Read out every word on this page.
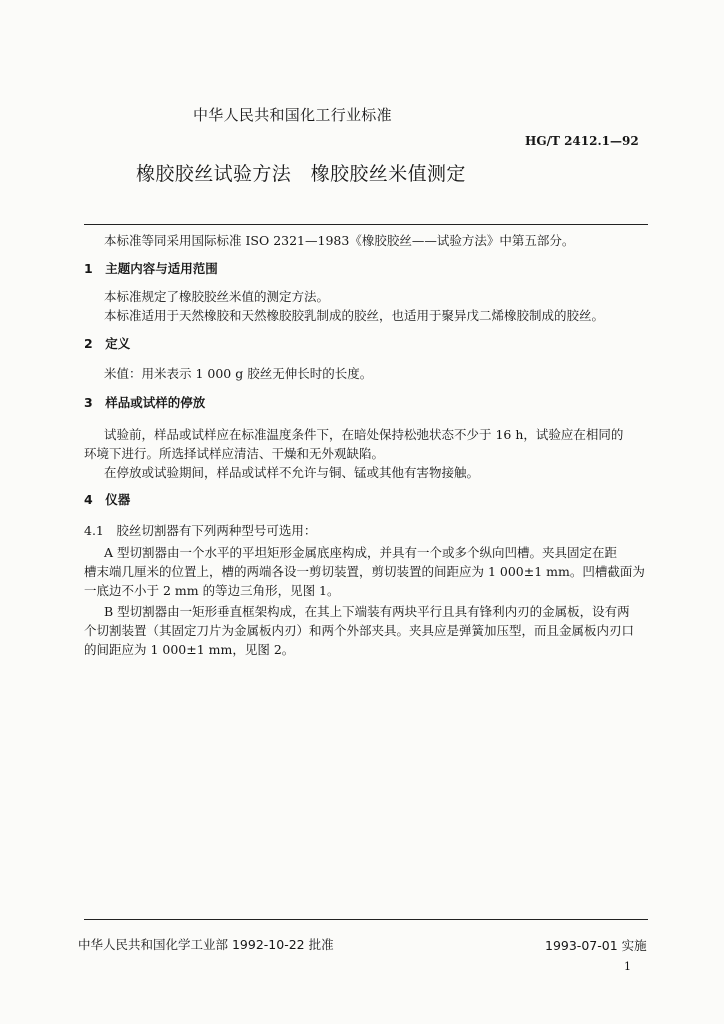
中华人民共和国化工行业标准
HG/T 2412.1—92
橡胶胶丝试验方法　橡胶胶丝米值测定
本标准等同采用国际标准 ISO 2321—1983《橡胶胶丝——试验方法》中第五部分。
1　主题内容与适用范围
本标准规定了橡胶胶丝米值的测定方法。
本标准适用于天然橡胶和天然橡胶胶乳制成的胶丝，也适用于聚异戊二烯橡胶制成的胶丝。
2　定义
米值：用米表示 1 000 g 胶丝无伸长时的长度。
3　样品或试样的停放
试验前，样品或试样应在标准温度条件下，在暗处保持松弛状态不少于 16 h，试验应在相同的
环境下进行。所选择试样应清洁、干燥和无外观缺陷。
在停放或试验期间，样品或试样不允许与铜、锰或其他有害物接触。
4　仪器
4.1　胶丝切割器有下列两种型号可选用：
A 型切割器由一个水平的平坦矩形金属底座构成，并具有一个或多个纵向凹槽。夹具固定在距
槽末端几厘米的位置上，槽的两端各设一剪切装置，剪切装置的间距应为 1 000±1 mm。凹槽截面为
一底边不小于 2 mm 的等边三角形，见图 1。
B 型切割器由一矩形垂直框架构成，在其上下端装有两块平行且具有锋利内刃的金属板，设有两
个切割装置（其固定刀片为金属板内刃）和两个外部夹具。夹具应是弹簧加压型，而且金属板内刃口
的间距应为 1 000±1 mm，见图 2。
中华人民共和国化学工业部 1992-10-22 批准	1993-07-01 实施
1
